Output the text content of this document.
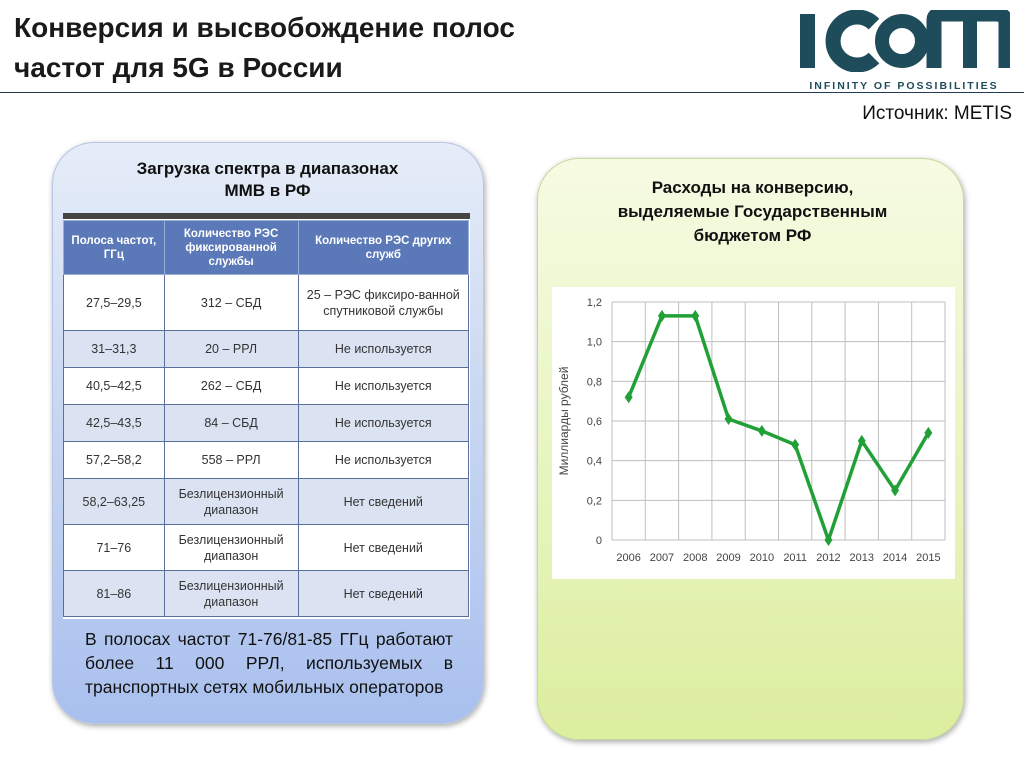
Конверсия и высвобождение полос
частот для 5G в России
ICOM
INFINITY OF POSSIBILITIES
Источник: METIS
Загрузка спектра в диапазонах
ММВ в РФ
Полоса частот, ГГц	Количество РЭС фиксированной службы	Количество РЭС других служб
27,5–29,5	312 – СБД	25 – РЭС фиксиро-ванной спутниковой службы
31–31,3	20 – РРЛ	Не используется
40,5–42,5	262 – СБД	Не используется
42,5–43,5	84 – СБД	Не используется
57,2–58,2	558 – РРЛ	Не используется
58,2–63,25	Безлицензионный диапазон	Нет сведений
71–76	Безлицензионный диапазон	Нет сведений
81–86	Безлицензионный диапазон	Нет сведений
В полосах частот 71-76/81-85 ГГц работают более 11 000 РРЛ, используемых в транспортных сетях мобильных операторов
Расходы на конверсию,
выделяемые Государственным
бюджетом РФ
0
0,2
0,4
0,6
0,8
1,0
1,2
2006 2007 2008 2009 2010 2011 2012 2013 2014 2015
Миллиарды рублей
